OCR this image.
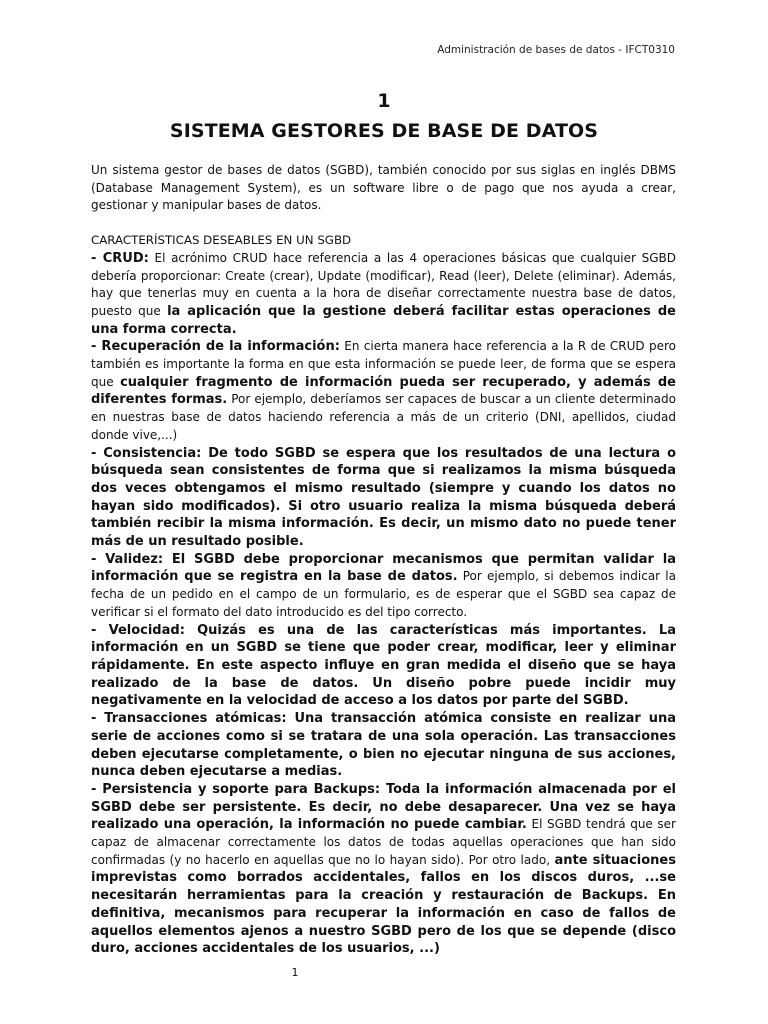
Administración de bases de datos - IFCT0310
1
SISTEMA GESTORES DE BASE DE DATOS

Un sistema gestor de bases de datos (SGBD), también conocido por sus siglas en inglés DBMS (Database Management System), es un software libre o de pago que nos ayuda a crear, gestionar y manipular bases de datos.

CARACTERÍSTICAS DESEABLES EN UN SGBD

- CRUD: El acrónimo CRUD hace referencia a las 4 operaciones básicas que cualquier SGBD debería proporcionar: Create (crear), Update (modificar), Read (leer), Delete (eliminar). Además, hay que tenerlas muy en cuenta a la hora de diseñar correctamente nuestra base de datos, puesto que la aplicación que la gestione deberá facilitar estas operaciones de una forma correcta.

- Recuperación de la información: En cierta manera hace referencia a la R de CRUD pero también es importante la forma en que esta información se puede leer, de forma que se espera que cualquier fragmento de información pueda ser recuperado, y además de diferentes formas. Por ejemplo, deberíamos ser capaces de buscar a un cliente determinado en nuestras base de datos haciendo referencia a más de un criterio (DNI, apellidos, ciudad donde vive,...)

- Consistencia: De todo SGBD se espera que los resultados de una lectura o búsqueda sean consistentes de forma que si realizamos la misma búsqueda dos veces obtengamos el mismo resultado (siempre y cuando los datos no hayan sido modificados). Si otro usuario realiza la misma búsqueda deberá también recibir la misma información. Es decir, un mismo dato no puede tener más de un resultado posible.

- Validez: El SGBD debe proporcionar mecanismos que permitan validar la información que se registra en la base de datos. Por ejemplo, si debemos indicar la fecha de un pedido en el campo de un formulario, es de esperar que el SGBD sea capaz de verificar si el formato del dato introducido es del tipo correcto.

- Velocidad: Quizás es una de las características más importantes. La información en un SGBD se tiene que poder crear, modificar, leer y eliminar rápidamente. En este aspecto influye en gran medida el diseño que se haya realizado de la base de datos. Un diseño pobre puede incidir muy negativamente en la velocidad de acceso a los datos por parte del SGBD.

- Transacciones atómicas: Una transacción atómica consiste en realizar una serie de acciones como si se tratara de una sola operación. Las transacciones deben ejecutarse completamente, o bien no ejecutar ninguna de sus acciones, nunca deben ejecutarse a medias.

- Persistencia y soporte para Backups: Toda la información almacenada por el SGBD debe ser persistente. Es decir, no debe desaparecer. Una vez se haya realizado una operación, la información no puede cambiar. El SGBD tendrá que ser capaz de almacenar correctamente los datos de todas aquellas operaciones que han sido confirmadas (y no hacerlo en aquellas que no lo hayan sido). Por otro lado, ante situaciones imprevistas como borrados accidentales, fallos en los discos duros, ...se necesitarán herramientas para la creación y restauración de Backups. En definitiva, mecanismos para recuperar la información en caso de fallos de aquellos elementos ajenos a nuestro SGBD pero de los que se depende (disco duro, acciones accidentales de los usuarios, ...)

1
